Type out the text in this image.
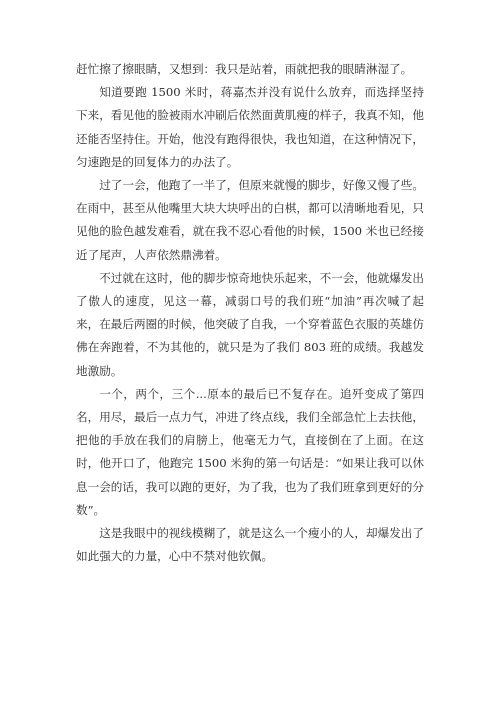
赶忙擦了擦眼睛，又想到：我只是站着，雨就把我的眼睛淋湿了。

知道要跑 1500 米时，蒋嘉杰并没有说什么放弃，而选择坚持下来，看见他的脸被雨水冲刷后依然面黄肌瘦的样子，我真不知，他还能否坚持住。开始，他没有跑得很快，我也知道，在这种情况下，匀速跑是的回复体力的办法了。

过了一会，他跑了一半了，但原来就慢的脚步，好像又慢了些。在雨中，甚至从他嘴里大块大块呼出的白棋，都可以清晰地看见，只见他的脸色越发难看，就在我不忍心看他的时候，1500 米也已经接近了尾声，人声依然鼎沸着。

不过就在这时，他的脚步惊奇地快乐起来，不一会，他就爆发出了傲人的速度，见这一幕，减弱口号的我们班“加油”再次喊了起来，在最后两圈的时候，他突破了自我，一个穿着蓝色衣服的英雄仿佛在奔跑着，不为其他的，就只是为了我们 803 班的成绩。我越发地激励。

一个，两个，三个...原本的最后已不复存在。追歼变成了第四名，用尽，最后一点力气，冲进了终点线，我们全部急忙上去扶他，把他的手放在我们的肩膀上，他毫无力气，直接倒在了上面。在这时，他开口了，他跑完 1500 米狗的第一句话是：“如果让我可以休息一会的话，我可以跑的更好，为了我，也为了我们班拿到更好的分数”。

这是我眼中的视线模糊了，就是这么一个瘦小的人，却爆发出了如此强大的力量，心中不禁对他钦佩。
